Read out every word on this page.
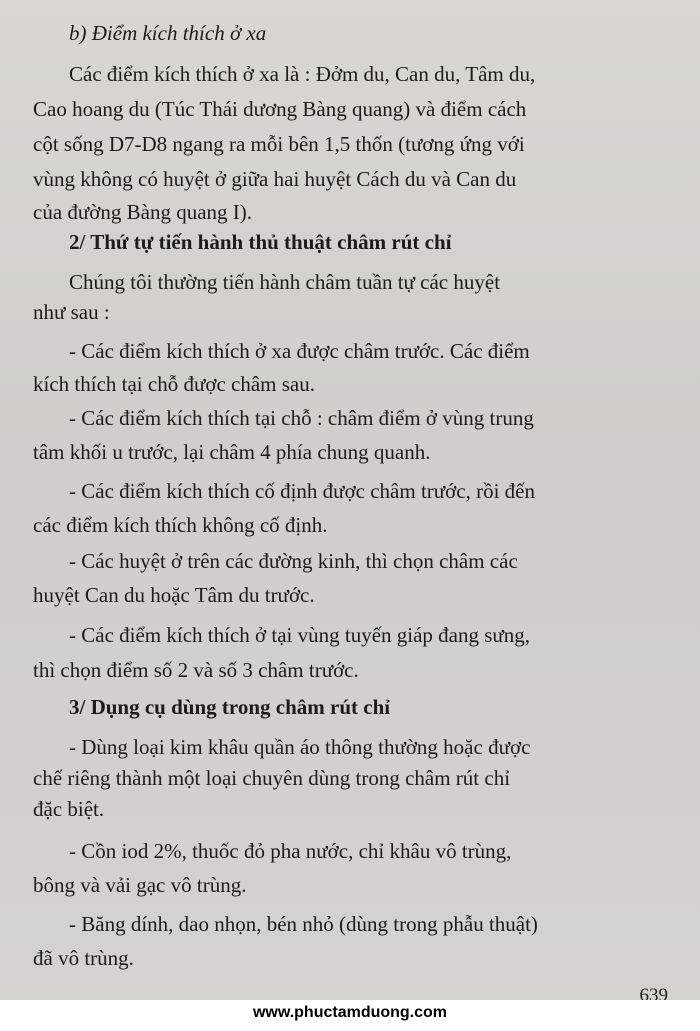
b) Điểm kích thích ở xa
Các điểm kích thích ở xa là : Đởm du, Can du, Tâm du,
Cao hoang du (Túc Thái dương Bàng quang) và điểm cách
cột sống D7-D8 ngang ra mỗi bên 1,5 thốn (tương ứng với
vùng không có huyệt ở giữa hai huyệt Cách du và Can du
của đường Bàng quang I).
2/ Thứ tự tiến hành thủ thuật châm rút chỉ
Chúng tôi thường tiến hành châm tuần tự các huyệt
như sau :
- Các điểm kích thích ở xa được châm trước. Các điểm
kích thích tại chỗ được châm sau.
- Các điểm kích thích tại chỗ : châm điểm ở vùng trung
tâm khối u trước, lại châm 4 phía chung quanh.
- Các điểm kích thích cố định được châm trước, rồi đến
các điểm kích thích không cố định.
- Các huyệt ở trên các đường kinh, thì chọn châm các
huyệt Can du hoặc Tâm du trước.
- Các điểm kích thích ở tại vùng tuyến giáp đang sưng,
thì chọn điểm số 2 và số 3 châm trước.
3/ Dụng cụ dùng trong châm rút chỉ
- Dùng loại kim khâu quần áo thông thường hoặc được
chế riêng thành một loại chuyên dùng trong châm rút chỉ
đặc biệt.
- Cồn iod 2%, thuốc đỏ pha nước, chỉ khâu vô trùng,
bông và vải gạc vô trùng.
- Băng dính, dao nhọn, bén nhỏ (dùng trong phẫu thuật)
đã vô trùng.
639
www.phuctamduong.com
